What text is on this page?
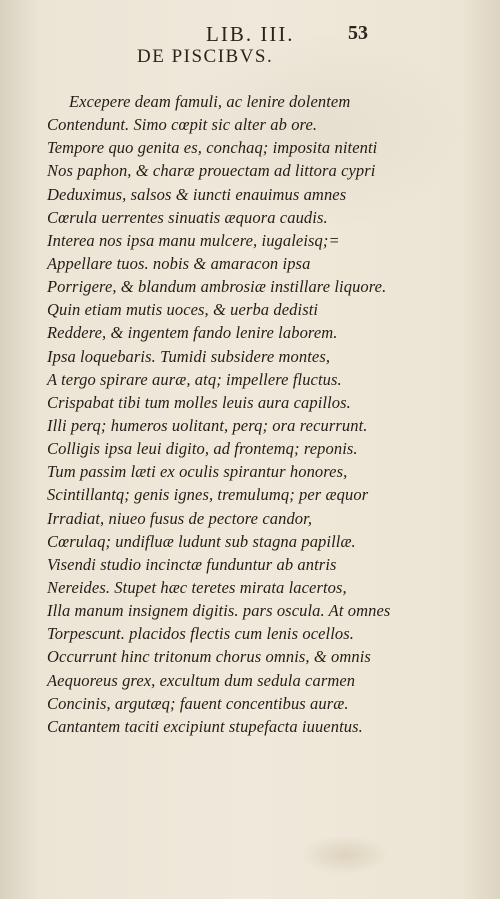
LIB. III.	53
DE PISCIBVS.
Excepere deam famuli, ac lenire dolentem
Contendunt. Simo cœpit sic alter ab ore.
Tempore quo genita es, conchaq; imposita nitenti
Nos paphon, & charæ prouectam ad littora cypri
Deduximus, salsos & iuncti enauimus amnes
Cœrula uerrentes sinuatis æquora caudis.
Interea nos ipsa manu mulcere, iugaleisq;=
Appellare tuos. nobis & amaracon ipsa
Porrigere, & blandum ambrosiæ instillare liquore.
Quin etiam mutis uoces, & uerba dedisti
Reddere, & ingentem fando lenire laborem.
Ipsa loquebaris. Tumidi subsidere montes,
A tergo spirare auræ, atq; impellere fluctus.
Crispabat tibi tum molles leuis aura capillos.
Illi perq; humeros uolitant, perq; ora recurrunt.
Colligis ipsa leui digito, ad frontemq; reponis.
Tum passim læti ex oculis spirantur honores,
Scintillantq; genis ignes, tremulumq; per æquor
Irradiat, niueo fusus de pectore candor,
Cœrulaq; undifluæ ludunt sub stagna papillæ.
Visendi studio incinctæ funduntur ab antris
Nereides. Stupet hæc teretes mirata lacertos,
Illa manum insignem digitis. pars oscula. At omnes
Torpescunt. placidos flectis cum lenis ocellos.
Occurrunt hinc tritonum chorus omnis, & omnis
Aequoreus grex, excultum dum sedula carmen
Concinis, argutæq; fauent concentibus auræ.
Cantantem taciti excipiunt stupefacta iuuentus.
